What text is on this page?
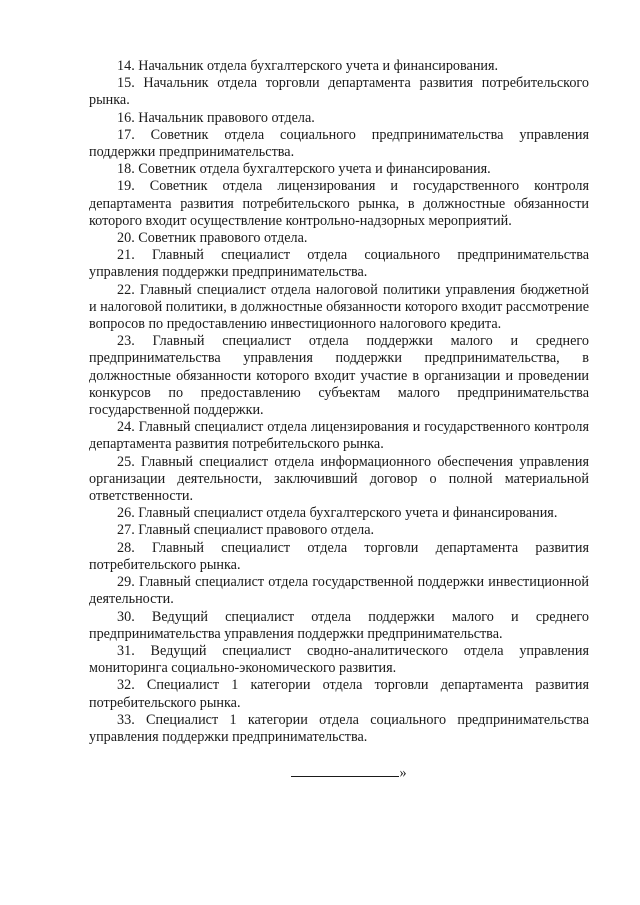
14. Начальник отдела бухгалтерского учета и финансирования.

15. Начальник отдела торговли департамента развития потребительского рынка.

16. Начальник правового отдела.

17. Советник отдела социального предпринимательства управления поддержки предпринимательства.

18. Советник отдела бухгалтерского учета и финансирования.

19. Советник отдела лицензирования и государственного контроля департамента развития потребительского рынка, в должностные обязанности которого входит осуществление контрольно-надзорных мероприятий.

20. Советник правового отдела.

21. Главный специалист отдела социального предпринимательства управления поддержки предпринимательства.

22. Главный специалист отдела налоговой политики управления бюджетной и налоговой политики, в должностные обязанности которого входит рассмотрение вопросов по предоставлению инвестиционного налогового кредита.

23. Главный специалист отдела поддержки малого и среднего предпринимательства управления поддержки предпринимательства, в должностные обязанности которого входит участие в организации и проведении конкурсов по предоставлению субъектам малого предпринимательства государственной поддержки.

24. Главный специалист отдела лицензирования и государственного контроля департамента развития потребительского рынка.

25. Главный специалист отдела информационного обеспечения управления организации деятельности, заключивший договор о полной материальной ответственности.

26. Главный специалист отдела бухгалтерского учета и финансирования.

27. Главный специалист правового отдела.

28. Главный специалист отдела торговли департамента развития потребительского рынка.

29. Главный специалист отдела государственной поддержки инвестиционной деятельности.

30. Ведущий специалист отдела поддержки малого и среднего предпринимательства управления поддержки предпринимательства.

31. Ведущий специалист сводно-аналитического отдела управления мониторинга социально-экономического развития.

32. Специалист 1 категории отдела торговли департамента развития потребительского рынка.

33. Специалист 1 категории отдела социального предпринимательства управления поддержки предпринимательства.

»
